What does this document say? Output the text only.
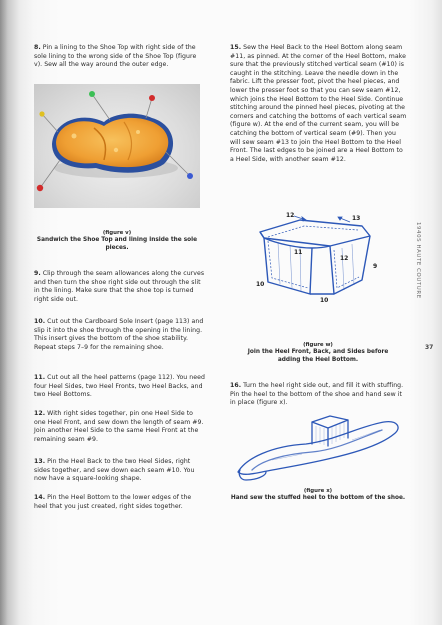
8. Pin a lining to the Shoe Top with right side of the sole lining to the wrong side of the Shoe Top (figure v). Sew all the way around the outer edge.
(figure v)
Sandwich the Shoe Top and lining inside the sole pieces.
9. Clip through the seam allowances along the curves and then turn the shoe right side out through the slit in the lining. Make sure that the shoe top is turned right side out.
10. Cut out the Cardboard Sole Insert (page 113) and slip it into the shoe through the opening in the lining. This insert gives the bottom of the shoe stability. Repeat steps 7–9 for the remaining shoe.
11. Cut out all the heel patterns (page 112). You need four Heel Sides, two Heel Fronts, two Heel Backs, and two Heel Bottoms.
12. With right sides together, pin one Heel Side to one Heel Front, and sew down the length of seam #9. Join another Heel Side to the same Heel Front at the remaining seam #9.
13. Pin the Heel Back to the two Heel Sides, right sides together, and sew down each seam #10. You now have a square-looking shape.
14. Pin the Heel Bottom to the lower edges of the heel that you just created, right sides together.
15. Sew the Heel Back to the Heel Bottom along seam #11, as pinned. At the corner of the Heel Bottom, make sure that the previously stitched vertical seam (#10) is caught in the stitching. Leave the needle down in the fabric. Lift the presser foot, pivot the heel pieces, and lower the presser foot so that you can sew seam #12, which joins the Heel Bottom to the Heel Side. Continue stitching around the pinned heel pieces, pivoting at the corners and catching the bottoms of each vertical seam (figure w). At the end of the current seam, you will be catching the bottom of vertical seam (#9). Then you will sew seam #13 to join the Heel Bottom to the Heel Front. The last edges to be joined are a Heel Bottom to a Heel Side, with another seam #12.
12	13
11
12
9
10
10
(figure w)
Join the Heel Front, Back, and Sides before adding the Heel Bottom.
16. Turn the heel right side out, and fill it with stuffing. Pin the heel to the bottom of the shoe and hand sew it in place (figure x).
(figure x)
Hand sew the stuffed heel to the bottom of the shoe.
1940S HAUTE COUTURE
37
